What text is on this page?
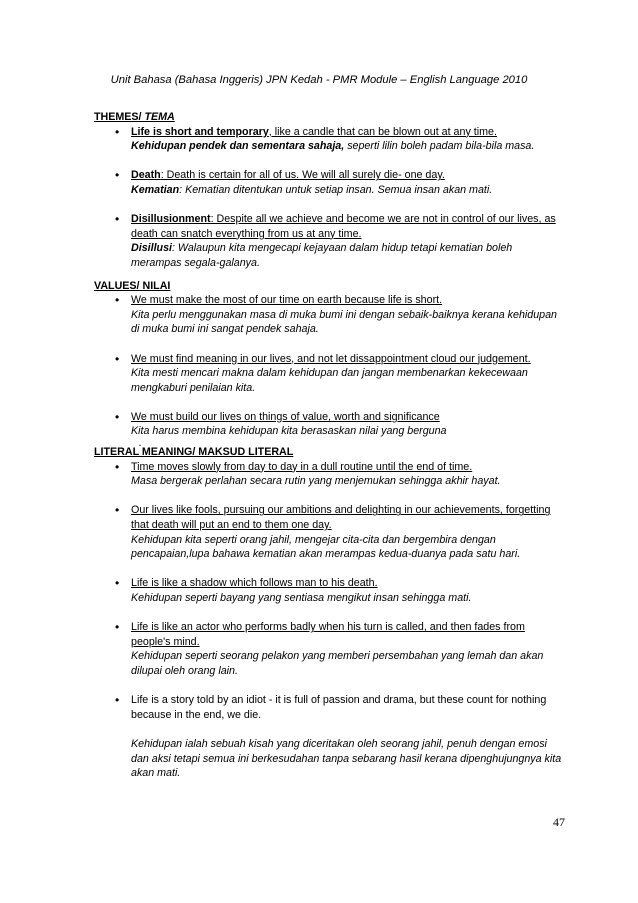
Unit Bahasa (Bahasa Inggeris) JPN Kedah - PMR Module – English Language 2010
THEMES/ TEMA
• Life is short and temporary, like a candle that can be blown out at any time.
Kehidupan pendek dan sementara sahaja, seperti lilin boleh padam bila-bila masa.
• Death: Death is certain for all of us. We will all surely die- one day.
Kematian: Kematian ditentukan untuk setiap insan. Semua insan akan mati.
• Disillusionment: Despite all we achieve and become we are not in control of our lives, as death can snatch everything from us at any time.
Disillusi: Walaupun kita mengecapi kejayaan dalam hidup tetapi kematian boleh merampas segala-galanya.
VALUES/ NILAI
• We must make the most of our time on earth because life is short.
Kita perlu menggunakan masa di muka bumi ini dengan sebaik-baiknya kerana kehidupan di muka bumi ini sangat pendek sahaja.
• We must find meaning in our lives, and not let dissappointment cloud our judgement.
Kita mesti mencari makna dalam kehidupan dan jangan membenarkan kekecewaan mengkaburi penilaian kita.
• We must build our lives on things of value, worth and significance
Kita harus membina kehidupan kita berasaskan nilai yang berguna
.
LITERAL MEANING/ MAKSUD LITERAL
• Time moves slowly from day to day in a dull routine until the end of time.
Masa bergerak perlahan secara rutin yang menjemukan sehingga akhir hayat.
• Our lives like fools, pursuing our ambitions and delighting in our achievements, forgetting that death will put an end to them one day.
Kehidupan kita seperti orang jahil, mengejar cita-cita dan bergembira dengan pencapaian,lupa bahawa kematian akan merampas kedua-duanya pada satu hari.
• Life is like a shadow which follows man to his death.
Kehidupan seperti bayang yang sentiasa mengikut insan sehingga mati.
• Life is like an actor who performs badly when his turn is called, and then fades from people's mind.
Kehidupan seperti seorang pelakon yang memberi persembahan yang lemah dan akan dilupai oleh orang lain.
• Life is a story told by an idiot - it is full of passion and drama, but these count for nothing because in the end, we die.
Kehidupan ialah sebuah kisah yang diceritakan oleh seorang jahil, penuh dengan emosi dan aksi tetapi semua ini berkesudahan tanpa sebarang hasil kerana dipenghujungnya kita akan mati.
47
